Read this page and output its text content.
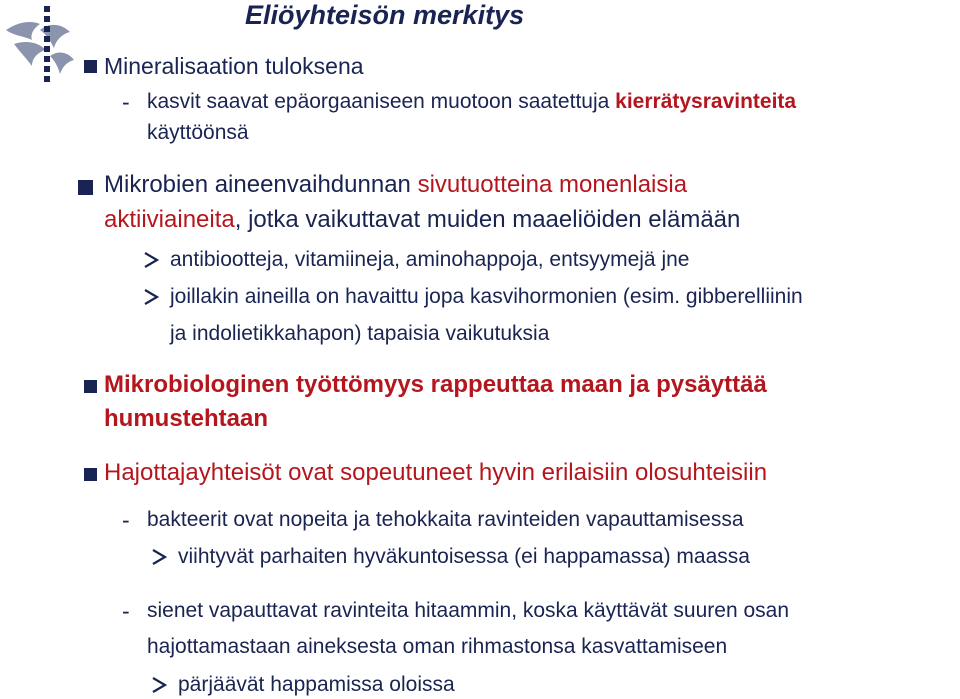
Eliöyhteisön merkitys
Mineralisaation tuloksena
- kasvit saavat epäorgaaniseen muotoon saatettuja kierrätysravinteita
käyttöönsä
Mikrobien aineenvaihdunnan sivutuotteina monenlaisia
aktiiviaineita, jotka vaikuttavat muiden maaeliöiden elämään
antibiootteja, vitamiineja, aminohappoja, entsyymejä jne
joillakin aineilla on havaittu jopa kasvihormonien (esim. gibberelliinin
ja indolietikkahapon) tapaisia vaikutuksia
Mikrobiologinen työttömyys rappeuttaa maan ja pysäyttää
humustehtaan
Hajottajayhteisöt ovat sopeutuneet hyvin erilaisiin olosuhteisiin
- bakteerit ovat nopeita ja tehokkaita ravinteiden vapauttamisessa
viihtyvät parhaiten hyväkuntoisessa (ei happamassa) maassa
- sienet vapauttavat ravinteita hitaammin, koska käyttävät suuren osan
hajottamastaan aineksesta oman rihmastonsa kasvattamiseen
pärjäävät happamissa oloissa
